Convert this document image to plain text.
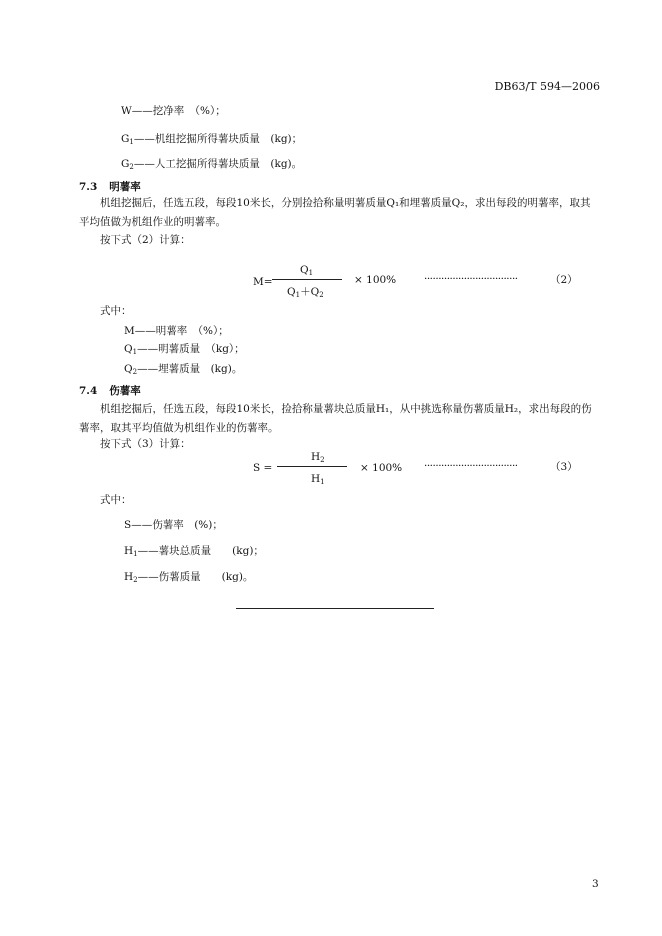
DB63/T 594—2006
W——挖净率　（%）；
$G_1——$机组挖掘所得薯块质量　(kg)；
$G_2——$人工挖掘所得薯块质量　(kg)。
7.3 明薯率
机组挖掘后，任选五段，每段10米长，分别捡拾称量明薯质量Q₁和埋薯质量Q₂，求出每段的明薯率，取其平均值做为机组作业的明薯率。
按下式（2）计算：
M=
$Q_1$
$Q_1+Q_2$
× 100%	·································	（2）
式中：
M——明薯率　（%）；
$Q_1——$明薯质量　（kg）；
$Q_2——$埋薯质量　(kg)。
7.4 伤薯率
机组挖掘后，任选五段，每段10米长，捡拾称量薯块总质量H₁，从中挑选称量伤薯质量H₂，求出每段的伤薯率，取其平均值做为机组作业的伤薯率。
按下式（3）计算：
S =
$H_2$
$H_1$
× 100% ·································	（3）
式中：
S——伤薯率　(%)；
$H_1——$薯块总质量　　(kg)；
$H_2——$伤薯质量　　(kg)。
3
